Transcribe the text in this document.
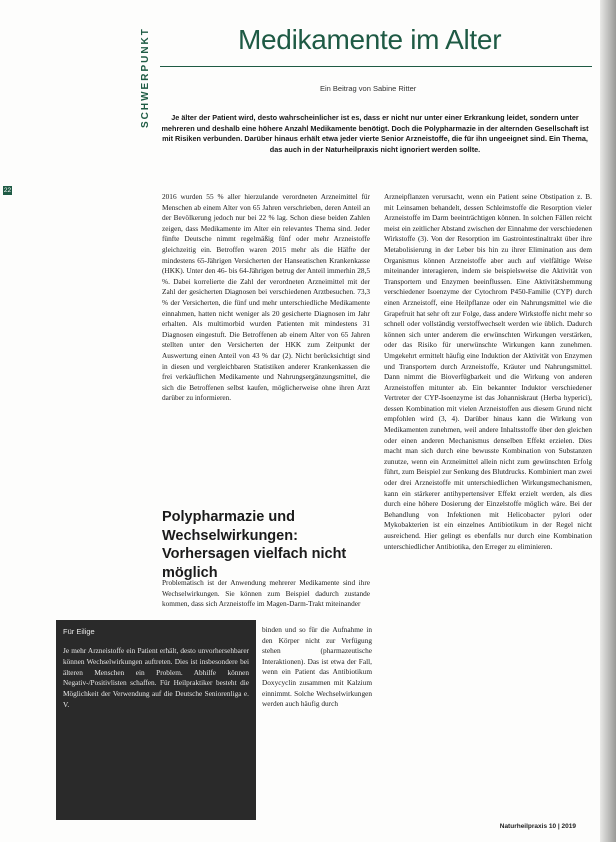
SCHWERPUNKT
22
Medikamente im Alter
Ein Beitrag von Sabine Ritter

Je älter der Patient wird, desto wahrscheinlicher ist es, dass er nicht nur unter einer Erkrankung leidet, sondern unter mehreren und deshalb eine höhere Anzahl Medikamente benötigt. Doch die Polypharmazie in der alternden Gesellschaft ist mit Risiken verbunden. Darüber hinaus erhält etwa jeder vierte Senior Arzneistoffe, die für ihn ungeeignet sind. Ein Thema, das auch in der Naturheilpraxis nicht ignoriert werden sollte.

2016 wurden 55 % aller hierzulande verordneten Arzneimittel für Menschen ab einem Alter von 65 Jahren verschrieben, deren Anteil an der Bevölkerung jedoch nur bei 22 % lag. Schon diese beiden Zahlen zeigen, dass Medikamente im Alter ein relevantes Thema sind. Jeder fünfte Deutsche nimmt regelmäßig fünf oder mehr Arzneistoffe gleichzeitig ein. Betroffen waren 2015 mehr als die Hälfte der mindestens 65-Jährigen Versicherten der Hanseatischen Krankenkasse (HKK). Unter den 46- bis 64-Jährigen betrug der Anteil immerhin 28,5 %. Dabei korrelierte die Zahl der verordneten Arzneimittel mit der Zahl der gesicherten Diagnosen bei verschiedenen Arztbesuchen. 73,3 % der Versicherten, die fünf und mehr unterschiedliche Medikamente einnahmen, hatten nicht weniger als 20 gesicherte Diagnosen im Jahr erhalten. Als multimorbid wurden Patienten mit mindestens 31 Diagnosen eingestuft. Die Betroffenen ab einem Alter von 65 Jahren stellten unter den Versicherten der HKK zum Zeitpunkt der Auswertung einen Anteil von 43 % dar (2). Nicht berücksichtigt sind in diesen und vergleichbaren Statistiken anderer Krankenkassen die frei verkäuflichen Medikamente und Nahrungsergänzungsmittel, die sich die Betroffenen selbst kaufen, möglicherweise ohne ihren Arzt darüber zu informieren.

Polypharmazie und Wechselwirkungen: Vorhersagen vielfach nicht möglich

Problematisch ist der Anwendung mehrerer Medikamente sind ihre Wechselwirkungen. Sie können zum Beispiel dadurch zustande kommen, dass sich Arzneistoffe im Magen-Darm-Trakt miteinander

binden und so für die Aufnahme in den Körper nicht zur Verfügung stehen (pharmazeutische Interaktionen). Das ist etwa der Fall, wenn ein Patient das Antibiotikum Doxycyclin zusammen mit Kalzium einnimmt. Solche Wechselwirkungen werden auch häufig durch

Arzneipflanzen verursacht, wenn ein Patient seine Obstipation z. B. mit Leinsamen behandelt, dessen Schleimstoffe die Resorption vieler Arzneistoffe im Darm beeinträchtigen können. In solchen Fällen reicht meist ein zeitlicher Abstand zwischen der Einnahme der verschiedenen Wirkstoffe (3). Von der Resorption im Gastrointestinaltrakt über ihre Metabolisierung in der Leber bis hin zu ihrer Elimination aus dem Organismus können Arzneistoffe aber auch auf vielfältige Weise miteinander interagieren, indem sie beispielsweise die Aktivität von Transportern und Enzymen beeinflussen. Eine Aktivitätshemmung verschiedener Isoenzyme der Cytochrom P450-Familie (CYP) durch einen Arzneistoff, eine Heilpflanze oder ein Nahrungsmittel wie die Grapefruit hat sehr oft zur Folge, dass andere Wirkstoffe nicht mehr so schnell oder vollständig verstoffwechselt werden wie üblich. Dadurch können sich unter anderem die erwünschten Wirkungen verstärken, oder das Risiko für unerwünschte Wirkungen kann zunehmen. Umgekehrt ermittelt häufig eine Induktion der Aktivität von Enzymen und Transportern durch Arzneistoffe, Kräuter und Nahrungsmittel. Dann nimmt die Bioverfügbarkeit und die Wirkung von anderen Arzneistoffen mitunter ab. Ein bekannter Induktor verschiedener Vertreter der CYP-Isoenzyme ist das Johanniskraut (Herba hyperici), dessen Kombination mit vielen Arzneistoffen aus diesem Grund nicht empfohlen wird (3, 4). Darüber hinaus kann die Wirkung von Medikamenten zunehmen, weil andere Inhaltsstoffe über den gleichen oder einen anderen Mechanismus denselben Effekt erzielen. Dies macht man sich durch eine bewusste Kombination von Substanzen zunutze, wenn ein Arzneimittel allein nicht zum gewünschten Erfolg führt, zum Beispiel zur Senkung des Blutdrucks. Kombiniert man zwei oder drei Arzneistoffe mit unterschiedlichen Wirkungsmechanismen, kann ein stärkerer antihypertensiver Effekt erzielt werden, als dies durch eine höhere Dosierung der Einzelstoffe möglich wäre. Bei der Behandlung von Infektionen mit Helicobacter pylori oder Mykobakterien ist ein einzelnes Antibiotikum in der Regel nicht ausreichend. Hier gelingt es ebenfalls nur durch eine Kombination unterschiedlicher Antibiotika, den Erreger zu eliminieren.

Für Eilige

Je mehr Arzneistoffe ein Patient erhält, desto unvorhersehbarer können Wechselwirkungen auftreten. Dies ist insbesondere bei älteren Menschen ein Problem. Abhilfe können Negativ-/Positivlisten schaffen. Für Heilpraktiker besteht die Möglichkeit der Verwendung auf die Deutsche Seniorenliga e. V.

Naturheilpraxis 10 | 2019
